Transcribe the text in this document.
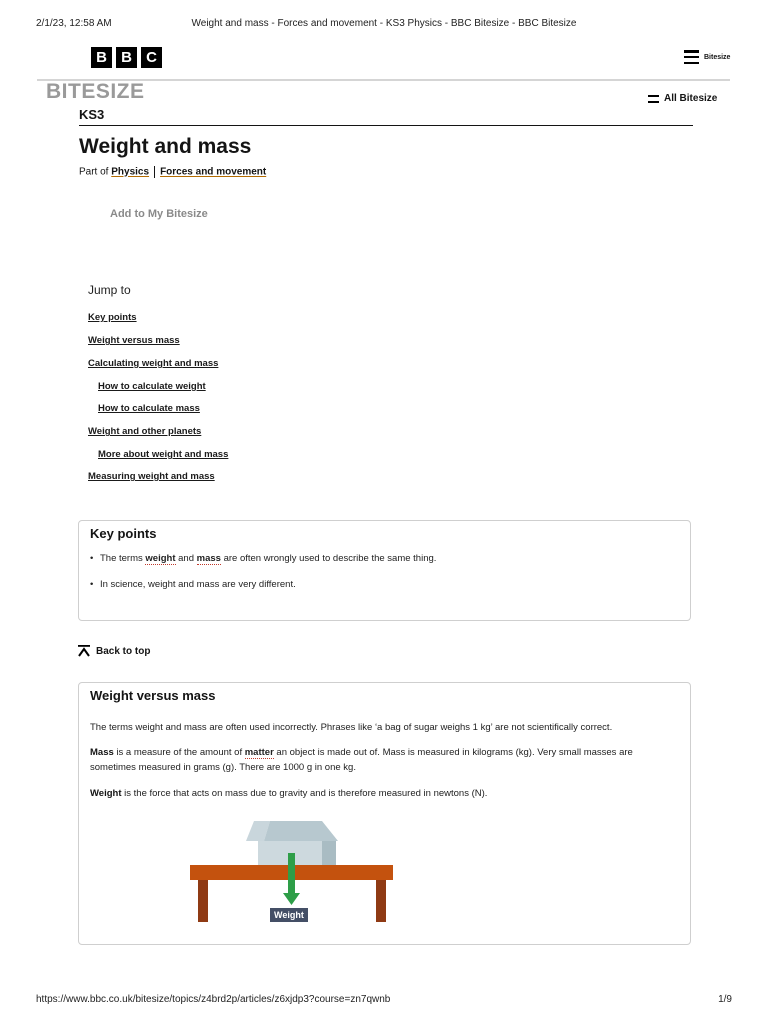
2/1/23, 12:58 AM	Weight and mass - Forces and movement - KS3 Physics - BBC Bitesize - BBC Bitesize
B B C	Bitesize
BITESIZE	All Bitesize
KS3
Weight and mass
Part of Physics Forces and movement
Add to My Bitesize
Jump to
Key points
Weight versus mass
Calculating weight and mass
How to calculate weight
How to calculate mass
Weight and other planets
More about weight and mass
Measuring weight and mass
Key points
• The terms weight and mass are often wrongly used to describe the same thing.
• In science, weight and mass are very different.
Back to top
Weight versus mass

The terms weight and mass are often used incorrectly. Phrases like ‘a bag of sugar weighs 1 kg’ are not scientifically correct.

Mass is a measure of the amount of matter an object is made out of. Mass is measured in kilograms (kg). Very small masses are sometimes measured in grams (g). There are 1000 g in one kg.

Weight is the force that acts on mass due to gravity and is therefore measured in newtons (N).

Weight
https://www.bbc.co.uk/bitesize/topics/z4brd2p/articles/z6xjdp3?course=zn7qwnb	1/9
